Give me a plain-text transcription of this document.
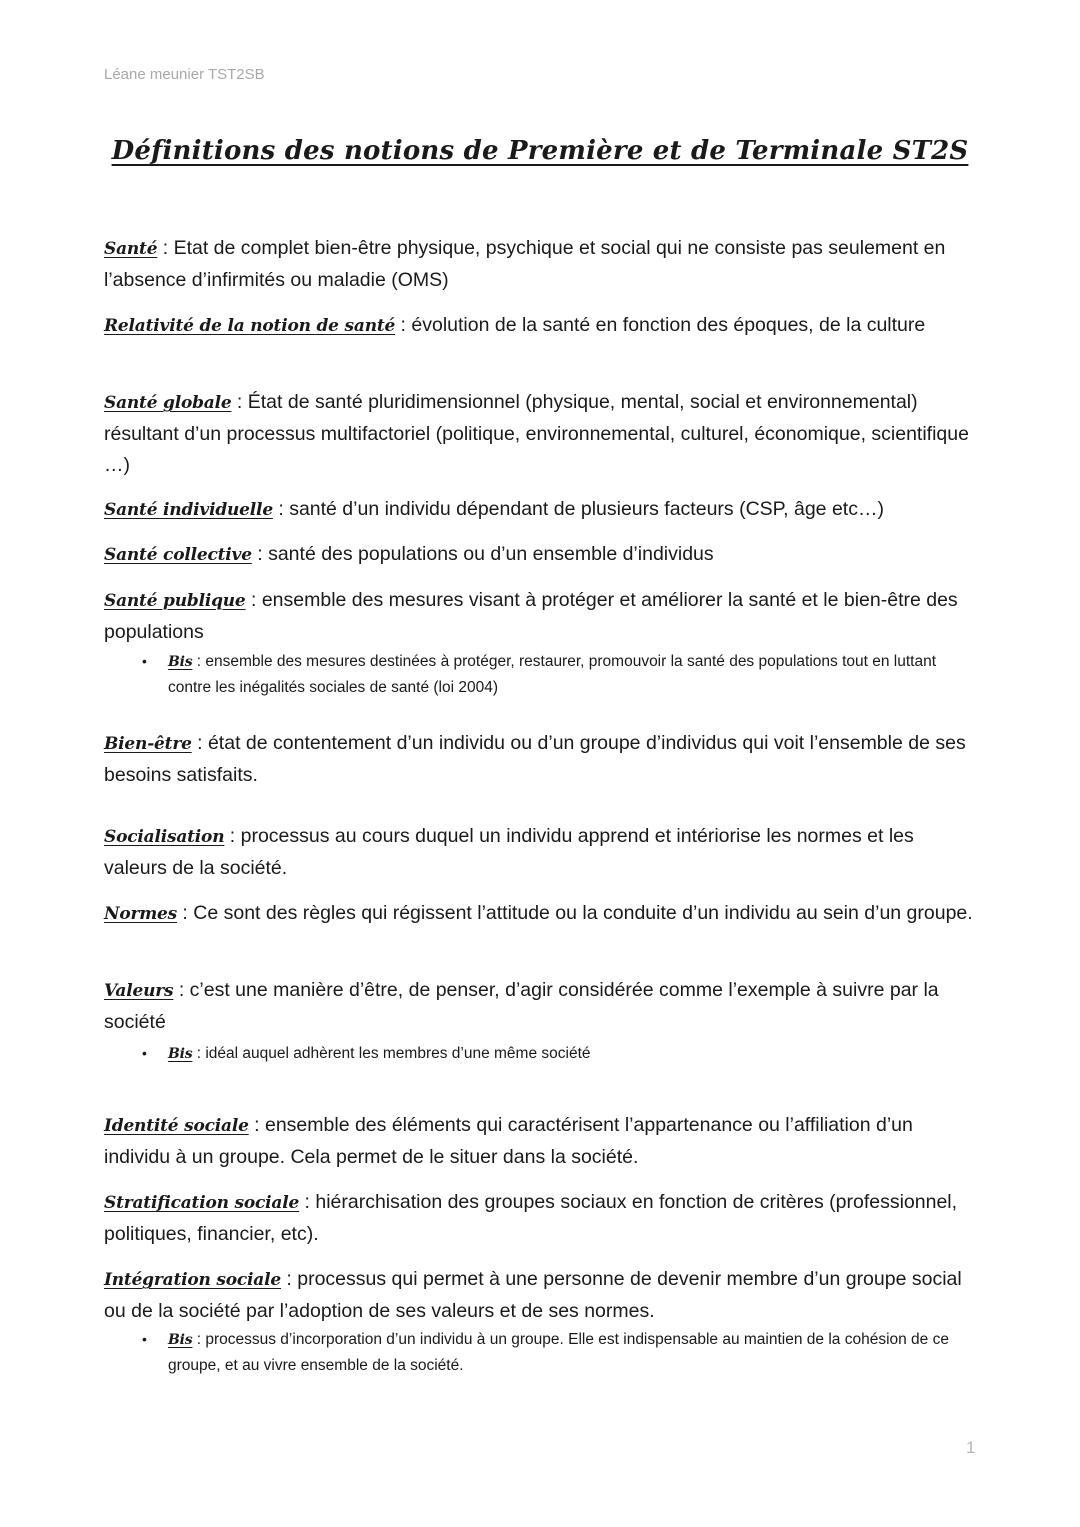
Léane meunier TST2SB
Définitions des notions de Première et de Terminale ST2S
Santé : Etat de complet bien-être physique, psychique et social qui ne consiste pas seulement en l’absence d’infirmités ou maladie (OMS)
Relativité de la notion de santé : évolution de la santé en fonction des époques, de la culture
Santé globale : État de santé pluridimensionnel (physique, mental, social et environnemental) résultant d’un processus multifactoriel (politique, environnemental, culturel, économique, scientifique …)
Santé individuelle : santé d’un individu dépendant de plusieurs facteurs (CSP, âge etc…)
Santé collective : santé des populations ou d’un ensemble d’individus
Santé publique : ensemble des mesures visant à protéger et améliorer la santé et le bien-être des populations
• Bis : ensemble des mesures destinées à protéger, restaurer, promouvoir la santé des populations tout en luttant contre les inégalités sociales de santé (loi 2004)
Bien-être : état de contentement d’un individu ou d’un groupe d’individus qui voit l’ensemble de ses besoins satisfaits.
Socialisation : processus au cours duquel un individu apprend et intériorise les normes et les valeurs de la société.
Normes : Ce sont des règles qui régissent l’attitude ou la conduite d’un individu au sein d’un groupe.
Valeurs : c’est une manière d’être, de penser, d’agir considérée comme l’exemple à suivre par la société
• Bis : idéal auquel adhèrent les membres d’une même société
Identité sociale : ensemble des éléments qui caractérisent l’appartenance ou l’affiliation d’un individu à un groupe. Cela permet de le situer dans la société.
Stratification sociale : hiérarchisation des groupes sociaux en fonction de critères (professionnel, politiques, financier, etc).
Intégration sociale : processus qui permet à une personne de devenir membre d’un groupe social ou de la société par l’adoption de ses valeurs et de ses normes.
• Bis : processus d’incorporation d’un individu à un groupe. Elle est indispensable au maintien de la cohésion de ce groupe, et au vivre ensemble de la société.
1
